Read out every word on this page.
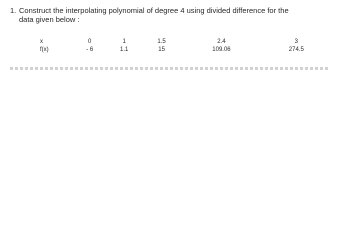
1. Construct the interpolating polynomial of degree 4 using divided difference for the
data given below :
x	0	1	1.5	2.4	3
f(x)	- 6	1.1	15	109.06	274.5
